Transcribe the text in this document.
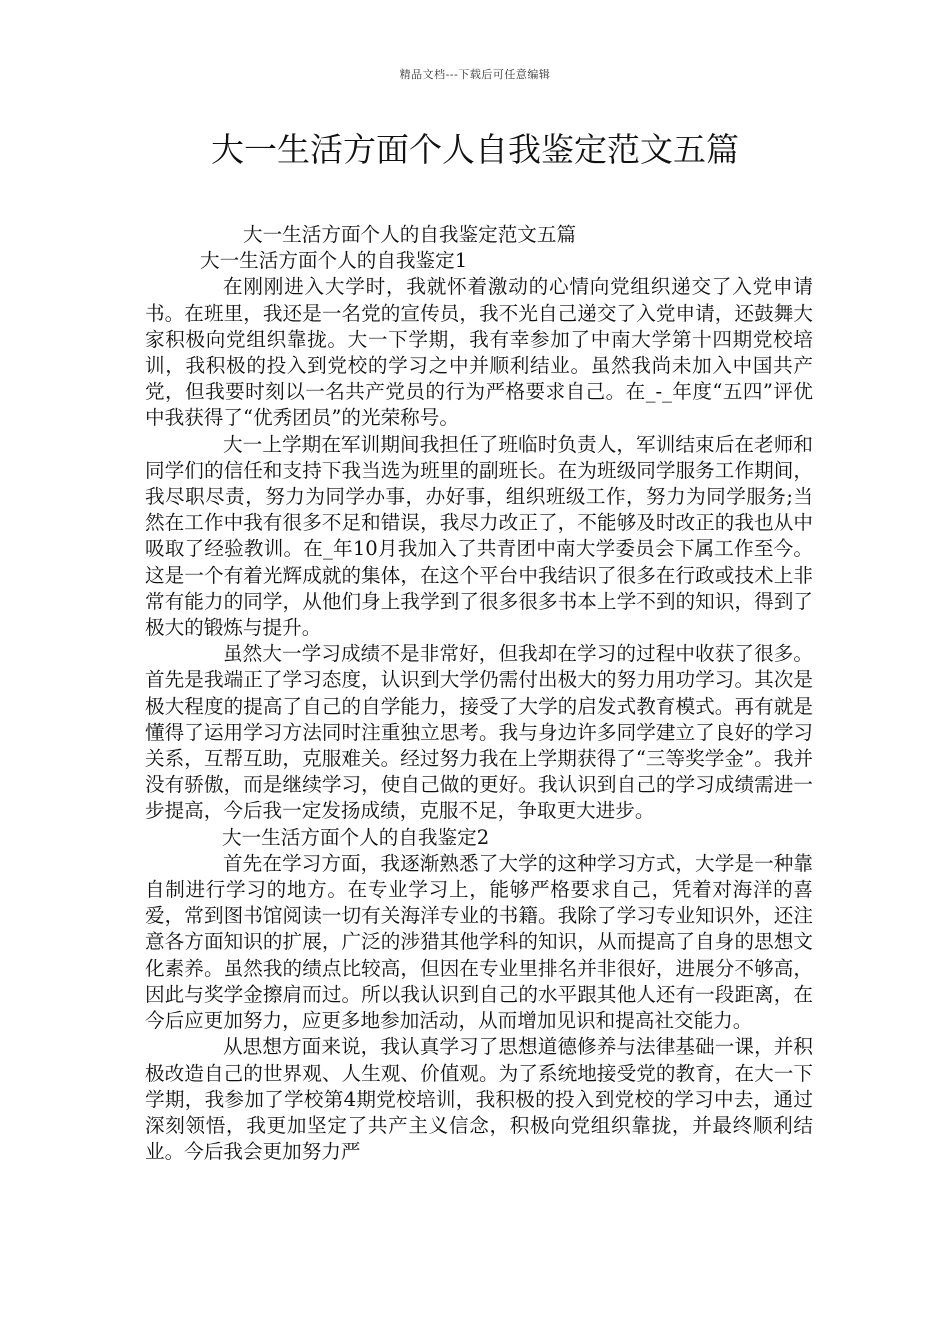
精品文档---下载后可任意编辑
大一生活方面个人自我鉴定范文五篇

大一生活方面个人的自我鉴定范文五篇

大一生活方面个人的自我鉴定1

在刚刚进入大学时，我就怀着激动的心情向党组织递交了入党申请书。在班里，我还是一名党的宣传员，我不光自己递交了入党申请，还鼓舞大家积极向党组织靠拢。大一下学期，我有幸参加了中南大学第十四期党校培训，我积极的投入到党校的学习之中并顺利结业。虽然我尚未加入中国共产党，但我要时刻以一名共产党员的行为严格要求自己。在_-_年度“五四”评优中我获得了“优秀团员”的光荣称号。

大一上学期在军训期间我担任了班临时负责人，军训结束后在老师和同学们的信任和支持下我当选为班里的副班长。在为班级同学服务工作期间，我尽职尽责，努力为同学办事，办好事，组织班级工作，努力为同学服务;当然在工作中我有很多不足和错误，我尽力改正了，不能够及时改正的我也从中吸取了经验教训。在_年10月我加入了共青团中南大学委员会下属工作至今。这是一个有着光辉成就的集体，在这个平台中我结识了很多在行政或技术上非常有能力的同学，从他们身上我学到了很多很多书本上学不到的知识，得到了极大的锻炼与提升。

虽然大一学习成绩不是非常好，但我却在学习的过程中收获了很多。首先是我端正了学习态度，认识到大学仍需付出极大的努力用功学习。其次是极大程度的提高了自己的自学能力，接受了大学的启发式教育模式。再有就是懂得了运用学习方法同时注重独立思考。我与身边许多同学建立了良好的学习关系，互帮互助，克服难关。经过努力我在上学期获得了“三等奖学金”。我并没有骄傲，而是继续学习，使自己做的更好。我认识到自己的学习成绩需进一步提高，今后我一定发扬成绩，克服不足，争取更大进步。

大一生活方面个人的自我鉴定2

首先在学习方面，我逐渐熟悉了大学的这种学习方式，大学是一种靠自制进行学习的地方。在专业学习上，能够严格要求自己，凭着对海洋的喜爱，常到图书馆阅读一切有关海洋专业的书籍。我除了学习专业知识外，还注意各方面知识的扩展，广泛的涉猎其他学科的知识，从而提高了自身的思想文化素养。虽然我的绩点比较高，但因在专业里排名并非很好，进展分不够高，因此与奖学金擦肩而过。所以我认识到自己的水平跟其他人还有一段距离，在今后应更加努力，应更多地参加活动，从而增加见识和提高社交能力。

从思想方面来说，我认真学习了思想道德修养与法律基础一课，并积极改造自己的世界观、人生观、价值观。为了系统地接受党的教育，在大一下学期，我参加了学校第4期党校培训，我积极的投入到党校的学习中去，通过深刻领悟，我更加坚定了共产主义信念，积极向党组织靠拢，并最终顺利结业。今后我会更加努力严
